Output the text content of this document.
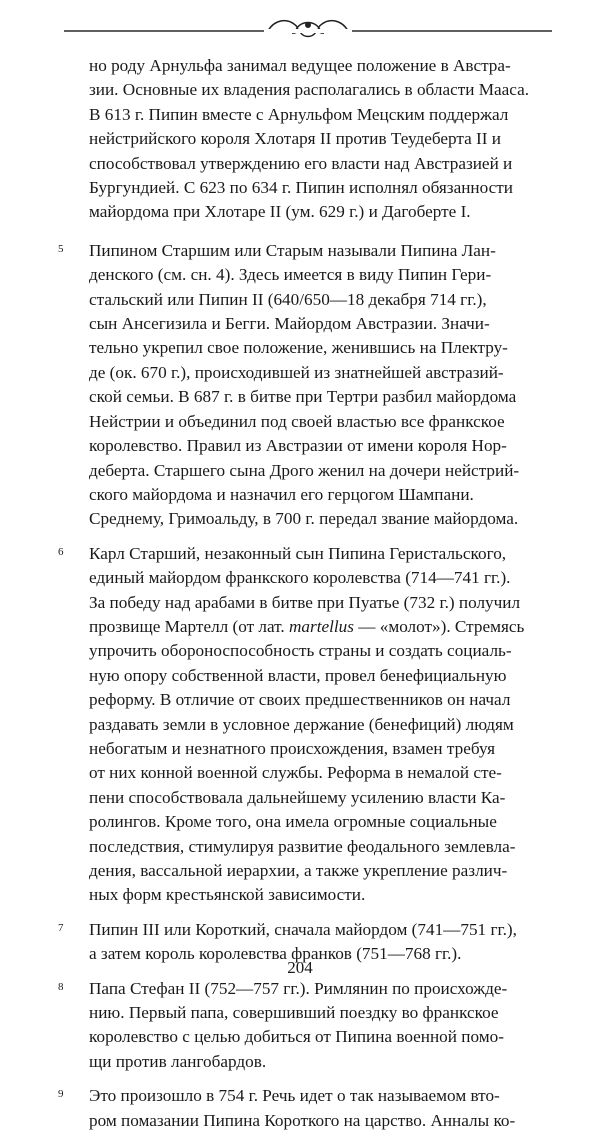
но роду Арнульфа занимал ведущее положение в Австра-
зии. Основные их владения располагались в области Мааса.
В 613 г. Пипин вместе с Арнульфом Мецским поддержал
нейстрийского короля Хлотаря II против Теудеберта II и
способствовал утверждению его власти над Австразией и
Бургундией. С 623 по 634 г. Пипин исполнял обязанности
майордома при Хлотаре II (ум. 629 г.) и Дагоберте I.
5 Пипином Старшим или Старым называли Пипина Лан-
денского (см. сн. 4). Здесь имеется в виду Пипин Гери-
стальский или Пипин II (640/650—18 декабря 714 гг.),
сын Ансегизила и Бегги. Майордом Австразии. Значи-
тельно укрепил свое положение, женившись на Плектру-
де (ок. 670 г.), происходившей из знатнейшей австразий-
ской семьи. В 687 г. в битве при Тертри разбил майордома
Нейстрии и объединил под своей властью все франкское
королевство. Правил из Австразии от имени короля Нор-
деберта. Старшего сына Дрого женил на дочери нейстрий-
ского майордома и назначил его герцогом Шампани.
Среднему, Гримоальду, в 700 г. передал звание майордома.
6 Карл Старший, незаконный сын Пипина Геристальского,
единый майордом франкского королевства (714—741 гг.).
За победу над арабами в битве при Пуатье (732 г.) получил
прозвище Мартелл (от лат. martellus — «молот»). Стремясь
упрочить обороноспособность страны и создать социаль-
ную опору собственной власти, провел бенефициальную
реформу. В отличие от своих предшественников он начал
раздавать земли в условное держание (бенефиций) людям
небогатым и незнатного происхождения, взамен требуя
от них конной военной службы. Реформа в немалой сте-
пени способствовала дальнейшему усилению власти Ка-
ролингов. Кроме того, она имела огромные социальные
последствия, стимулируя развитие феодального землевла-
дения, вассальной иерархии, а также укрепление различ-
ных форм крестьянской зависимости.
7 Пипин III или Короткий, сначала майордом (741—751 гг.),
а затем король королевства франков (751—768 гг.).
8 Папа Стефан II (752—757 гг.). Римлянин по происхожде-
нию. Первый папа, совершивший поездку во франкское
королевство с целью добиться от Пипина военной помо-
щи против лангобардов.
9 Это произошло в 754 г. Речь идет о так называемом вто-
ром помазании Пипина Короткого на царство. Анналы ко-
204
